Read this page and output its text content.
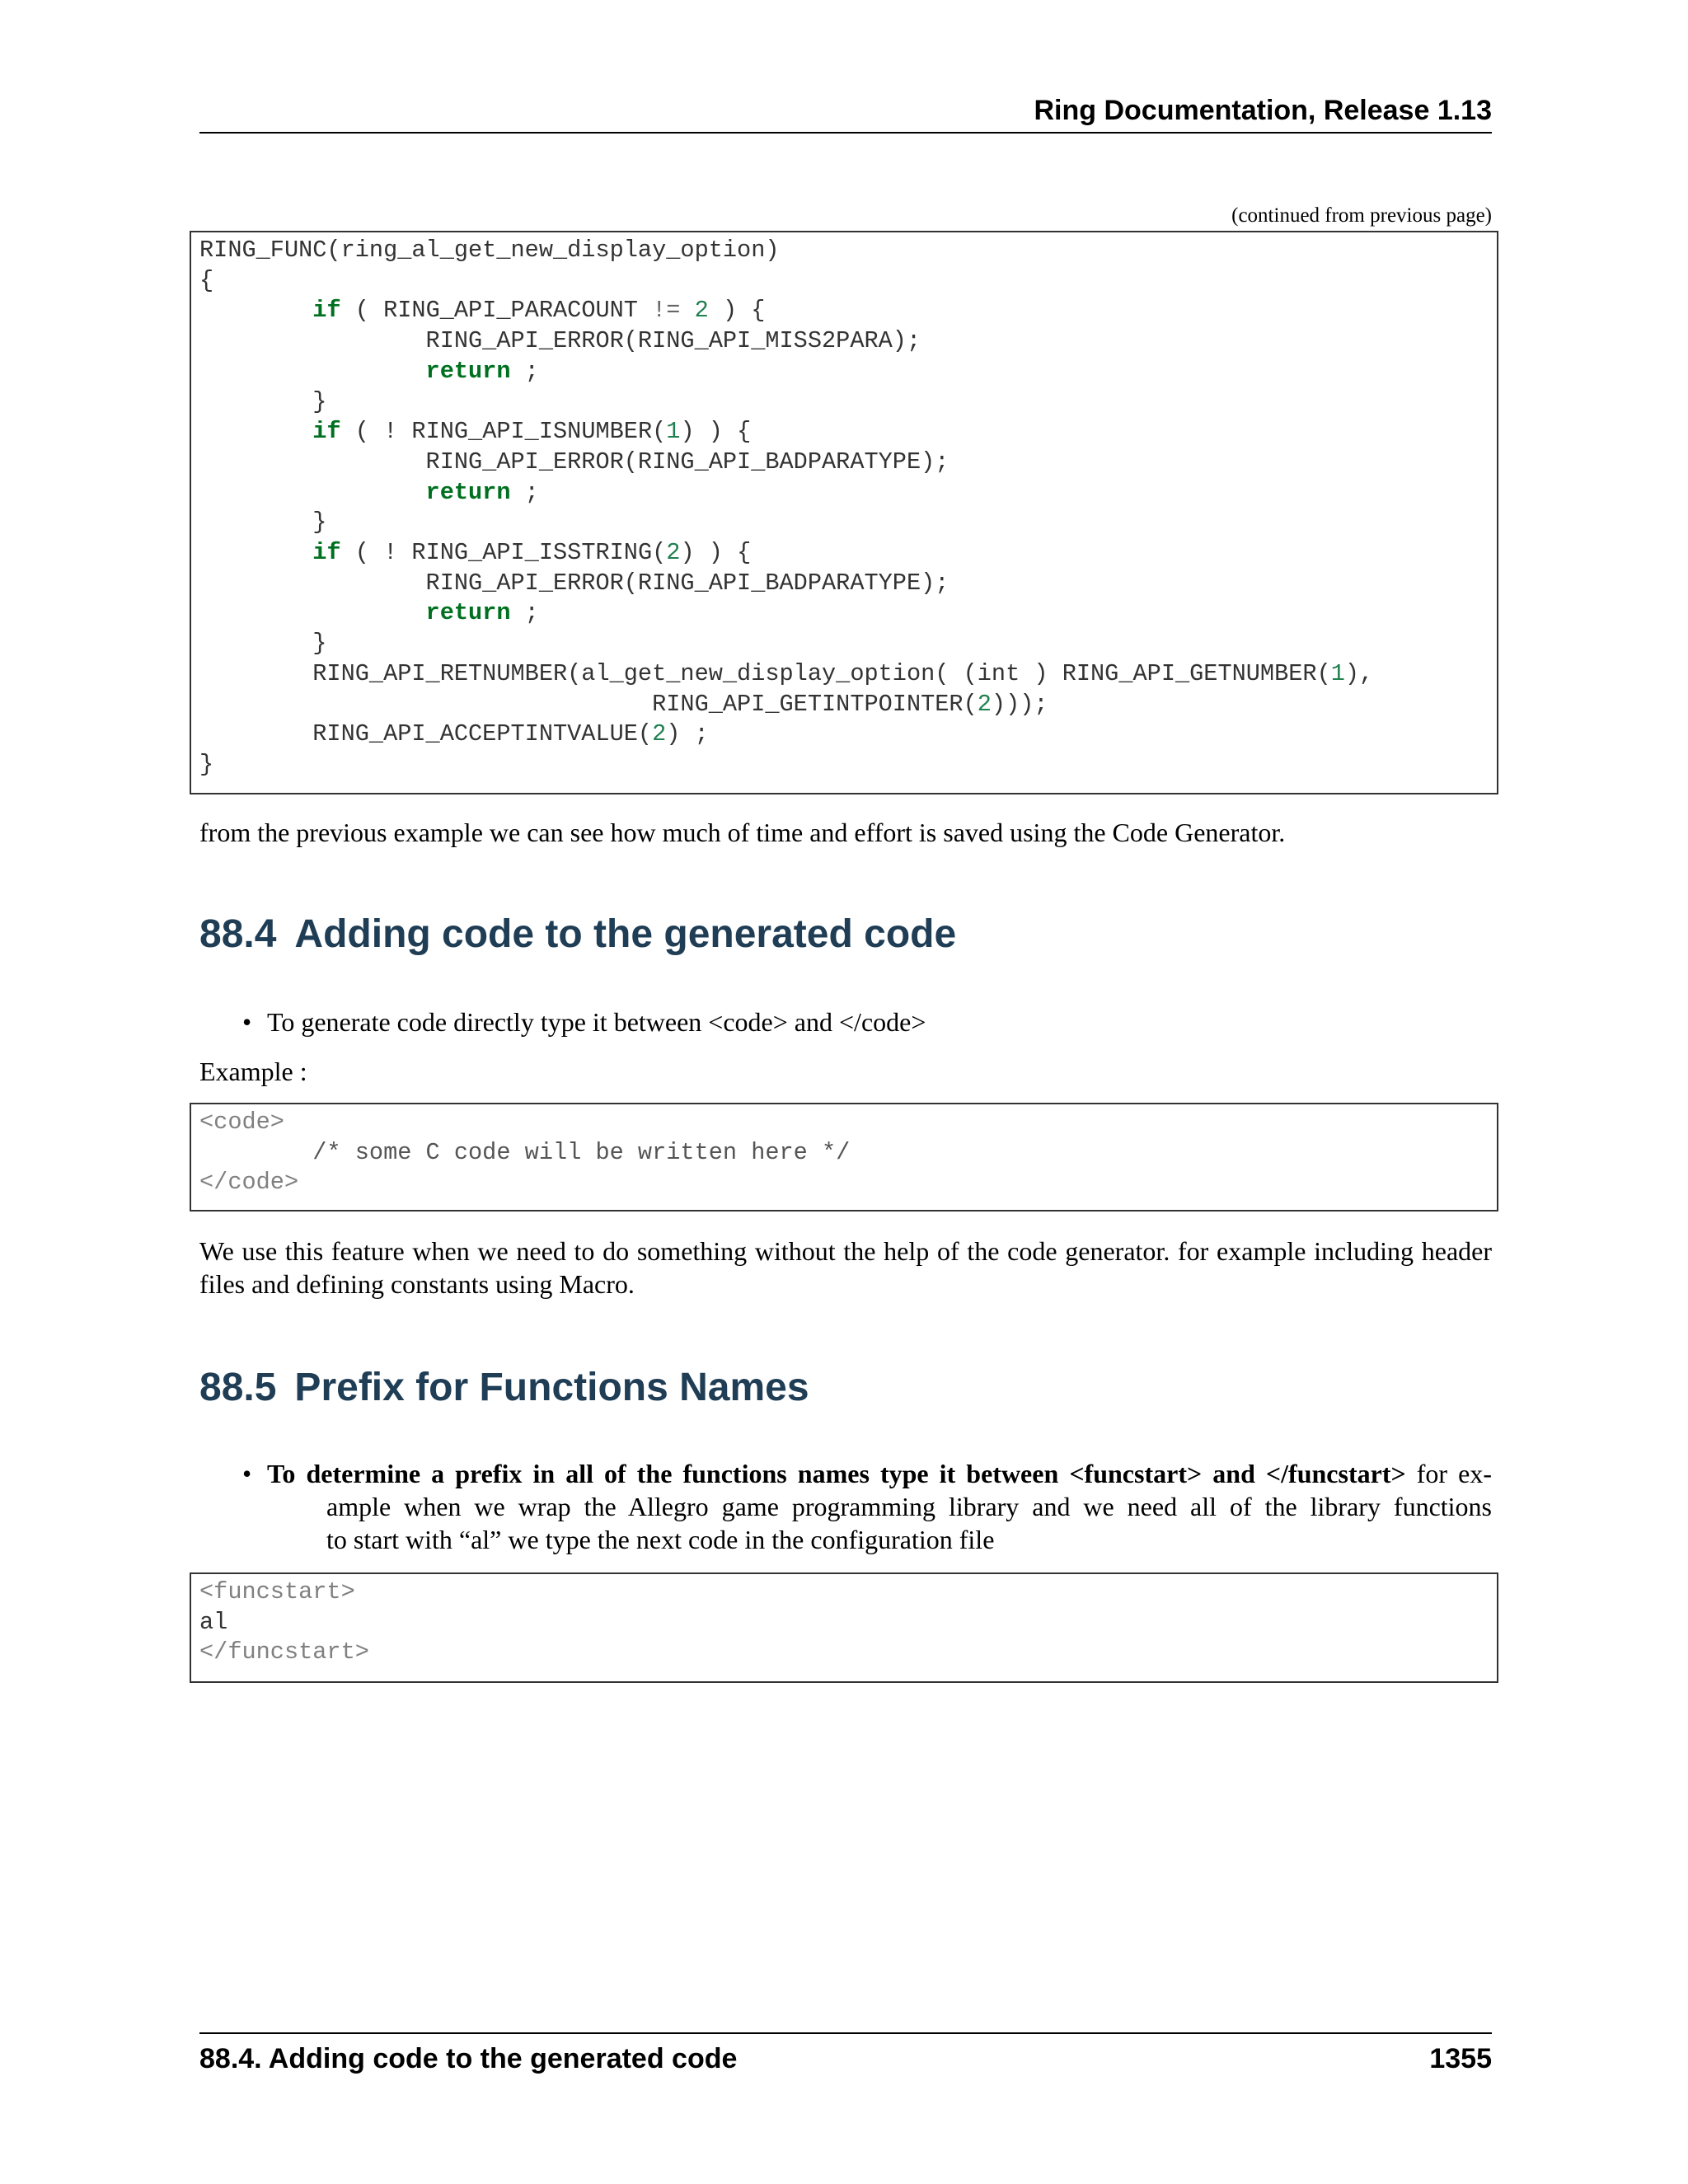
Ring Documentation, Release 1.13
(continued from previous page)
RING_FUNC(ring_al_get_new_display_option)
{
if ( RING_API_PARACOUNT != 2 ) {
RING_API_ERROR(RING_API_MISS2PARA);
return ;
}
if ( ! RING_API_ISNUMBER(1) ) {
RING_API_ERROR(RING_API_BADPARATYPE);
return ;
}
if ( ! RING_API_ISSTRING(2) ) {
RING_API_ERROR(RING_API_BADPARATYPE);
return ;
}
RING_API_RETNUMBER(al_get_new_display_option( (int ) RING_API_GETNUMBER(1),
RING_API_GETINTPOINTER(2)));
RING_API_ACCEPTINTVALUE(2) ;
}
from the previous example we can see how much of time and effort is saved using the Code Generator.
88.4 Adding code to the generated code
• To generate code directly type it between <code> and </code>
Example :
<code>
/* some C code will be written here */
</code>
We use this feature when we need to do something without the help of the code generator. for example including header files and defining constants using Macro.
88.5 Prefix for Functions Names
• To determine a prefix in all of the functions names type it between <funcstart> and </funcstart> for ex-
ample when we wrap the Allegro game programming library and we need all of the library functions
to start with “al” we type the next code in the configuration file
<funcstart>
al
</funcstart>
88.4. Adding code to the generated code	1355
